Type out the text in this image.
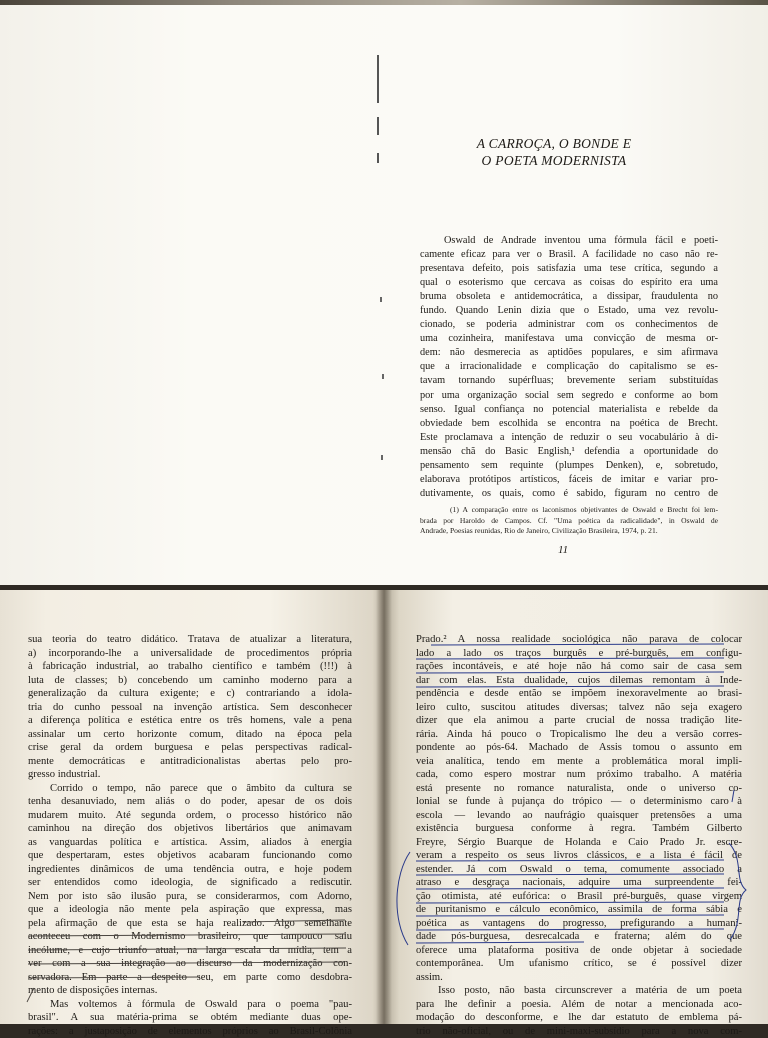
A CARROÇA, O BONDE E
O POETA MODERNISTA
Oswald de Andrade inventou uma fórmula fácil e poeti-
camente eficaz para ver o Brasil. A facilidade no caso não re-
presentava defeito, pois satisfazia uma tese crítica, segundo a
qual o esoterismo que cercava as coisas do espírito era uma
bruma obsoleta e antidemocrática, a dissipar, fraudulenta no
fundo. Quando Lenin dizia que o Estado, uma vez revolu-
cionado, se poderia administrar com os conhecimentos de
uma cozinheira, manifestava uma convicção de mesma or-
dem: não desmerecia as aptidões populares, e sim afirmava
que a irracionalidade e complicação do capitalismo se es-
tavam tornando supérfluas; brevemente seriam substituídas
por uma organização social sem segredo e conforme ao bom
senso. Igual confiança no potencial materialista e rebelde da
obviedade bem escolhida se encontra na poética de Brecht.
Este proclamava a intenção de reduzir o seu vocabulário à di-
mensão chã do Basic English,¹ defendia a oportunidade do
pensamento sem requinte (plumpes Denken), e, sobretudo,
elaborava protótipos artísticos, fáceis de imitar e variar pro-
dutivamente, os quais, como é sabido, figuram no centro de
(1) A comparação entre os laconismos objetivantes de Oswald e Brecht foi lem-
brada por Haroldo de Campos. Cf. "Uma poética da radicalidade", in Oswald de
Andrade, Poesias reunidas, Rio de Janeiro, Civilização Brasileira, 1974, p. 21.
11
sua teoria do teatro didático. Tratava de atualizar a literatura,
a) incorporando-lhe a universalidade de procedimentos própria
à fabricação industrial, ao trabalho científico e também (!!!) à
luta de classes; b) concebendo um caminho moderno para a
generalização da cultura exigente; e c) contrariando a idola-
tria do cunho pessoal na invenção artística. Sem desconhecer
a diferença política e estética entre os três homens, vale a pena
assinalar um certo horizonte comum, ditado na época pela
crise geral da ordem burguesa e pelas perspectivas radical-
mente democráticas e antitradicionalistas abertas pelo pro-
gresso industrial.
Corrido o tempo, não parece que o âmbito da cultura se
tenha desanuviado, nem aliás o do poder, apesar de os dois
mudarem muito. Até segunda ordem, o processo histórico não
caminhou na direção dos objetivos libertários que animavam
as vanguardas política e artística. Assim, aliados à energia
que despertaram, estes objetivos acabaram funcionando como
ingredientes dinâmicos de uma tendência outra, e hoje podem
ser entendidos como ideologia, de significado a rediscutir.
Nem por isto são ilusão pura, se considerarmos, com Adorno,
que a ideologia não mente pela aspiração que expressa, mas
pela afirmação de que esta se haja realizado. Algo semelhante
aconteceu com o Modernismo brasileiro, que tampouco saiu
incólume, e cujo triunfo atual, na larga escala da mídia, tem a
ver com a sua integração ao discurso da modernização con-
servadora. Em parte a despeito seu, em parte como desdobra-
mento de disposições internas.
Mas voltemos à fórmula de Oswald para o poema "pau-
brasil". A sua matéria-prima se obtém mediante duas ope-
rações: a justaposição de elementos próprios ao Brasil-Colônia
Prado.² A nossa realidade sociológica não parava de colocar
lado a lado os traços burguês e pré-burguês, em configu-
rações incontáveis, e até hoje não há como sair de casa sem
dar com elas. Esta dualidade, cujos dilemas remontam à Inde-
pendência e desde então se impõem inexoravelmente ao brasi-
leiro culto, suscitou atitudes diversas; talvez não seja exagero
dizer que ela animou a parte crucial de nossa tradição lite-
rária. Ainda há pouco o Tropicalismo lhe deu a versão corres-
pondente ao pós-64. Machado de Assis tomou o assunto em
veia analítica, tendo em mente a problemática moral impli-
cada, como espero mostrar num próximo trabalho. A matéria
está presente no romance naturalista, onde o universo co-
lonial se funde à pujança do trópico — o determinismo caro à
escola — levando ao naufrágio quaisquer pretensões a uma
existência burguesa conforme à regra. Também Gilberto
Freyre, Sérgio Buarque de Holanda e Caio Prado Jr. escre-
veram a respeito os seus livros clássicos, e a lista é fácil de
estender. Já com Oswald o tema, comumente associado a
atraso e desgraça nacionais, adquire uma surpreendente fei-
ção otimista, até eufórica: o Brasil pré-burguês, quase virgem
de puritanismo e cálculo econômico, assimila de forma sábia e
poética as vantagens do progresso, prefigurando a humani-
dade pós-burguesa, desrecalcada e fraterna; além do que
oferece uma plataforma positiva de onde objetar à sociedade
contemporânea. Um ufanismo crítico, se é possível dizer
assim.
Isso posto, não basta circunscrever a matéria de um poeta
para lhe definir a poesia. Além de notar a mencionada aco-
modação do desconforme, e lhe dar estatuto de emblema pá-
trio não-oficial, ou de mini-maxi-subsídio para a nova com-
